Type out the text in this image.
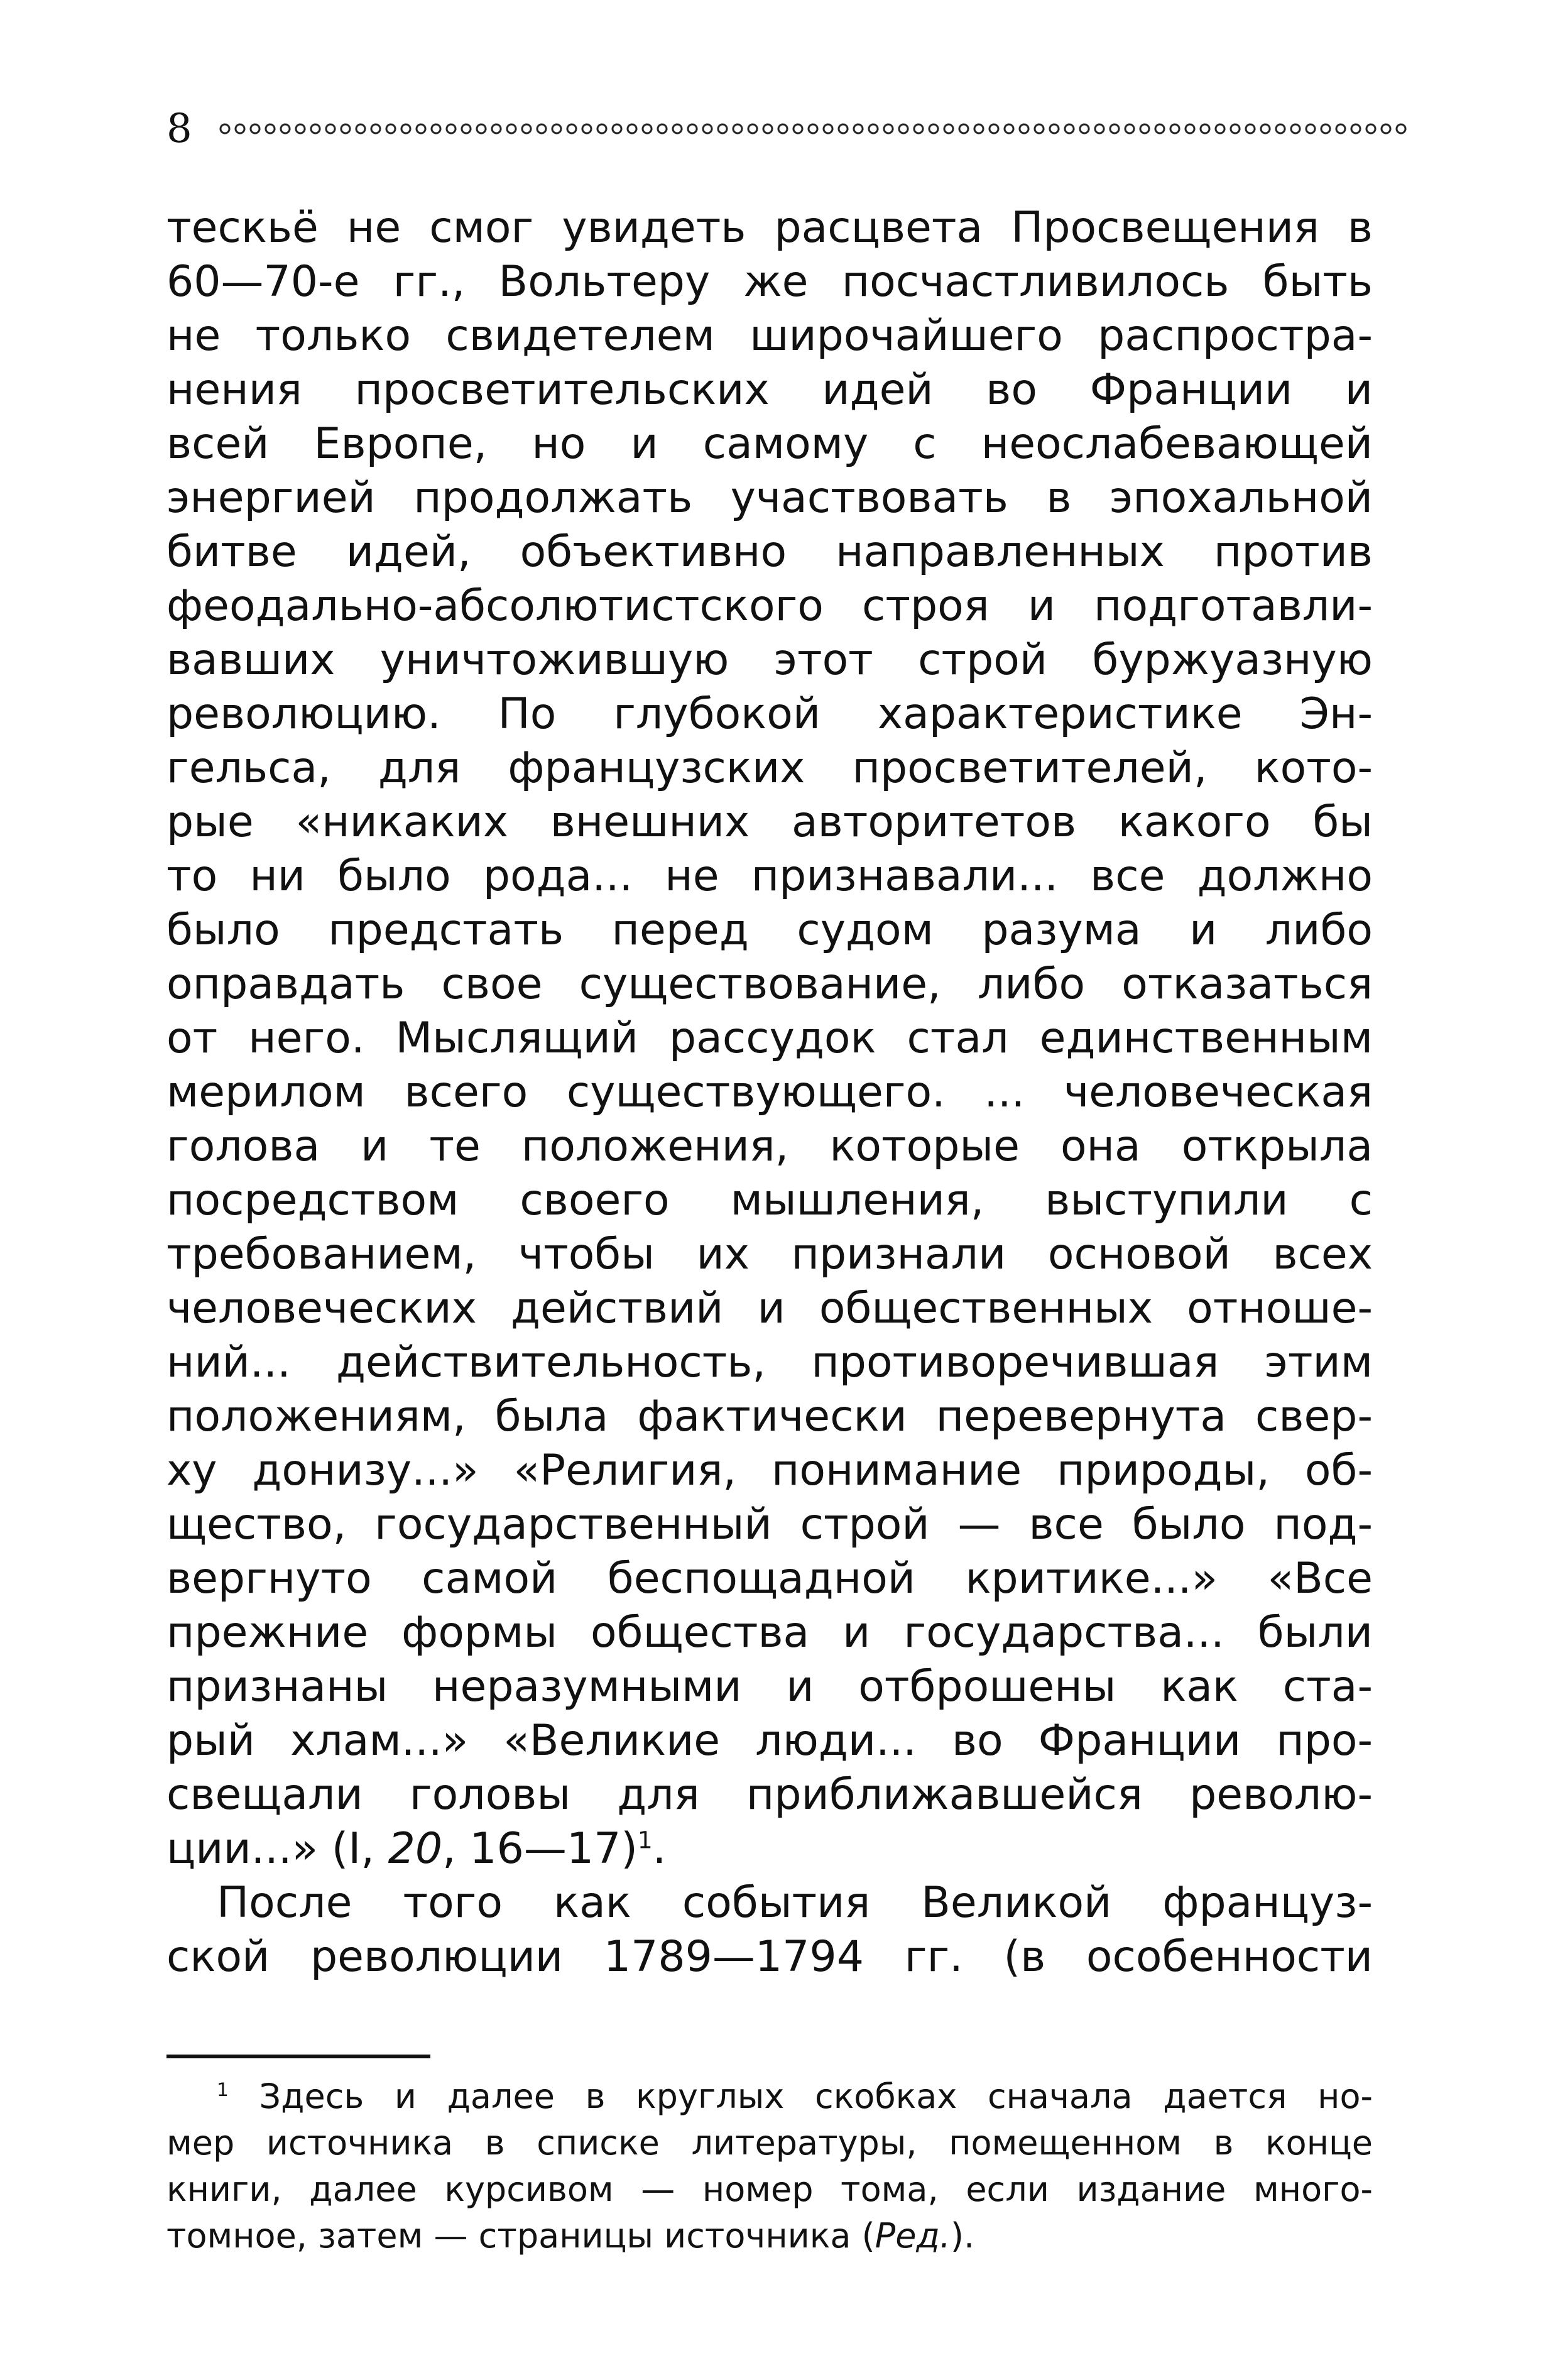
8
тескьё не смог увидеть расцвета Просвещения в
60—70-е гг., Вольтеру же посчастливилось быть
не только свидетелем широчайшего распростра-
нения просветительских идей во Франции и
всей Европе, но и самому с неослабевающей
энергией продолжать участвовать в эпохальной
битве идей, объективно направленных против
феодально-абсолютистского строя и подготавли-
вавших уничтожившую этот строй буржуазную
революцию. По глубокой характеристике Эн-
гельса, для французских просветителей, кото-
рые «никаких внешних авторитетов какого бы
то ни было рода... не признавали... все должно
было предстать перед судом разума и либо
оправдать свое существование, либо отказаться
от него. Мыслящий рассудок стал единственным
мерилом всего существующего. ... человеческая
голова и те положения, которые она открыла
посредством своего мышления, выступили с
требованием, чтобы их признали основой всех
человеческих действий и общественных отноше-
ний... действительность, противоречившая этим
положениям, была фактически перевернута свер-
ху донизу...» «Религия, понимание природы, об-
щество, государственный строй — все было под-
вергнуто самой беспощадной критике...» «Все
прежние формы общества и государства... были
признаны неразумными и отброшены как ста-
рый хлам...» «Великие люди... во Франции про-
свещали головы для приближавшейся револю-
ции...» (I, 20, 16—17)$^1$.
После того как события Великой француз-
ской революции 1789—1794 гг. (в особенности
$^1$ Здесь и далее в круглых скобках сначала дается но-
мер источника в списке литературы, помещенном в конце
книги, далее курсивом — номер тома, если издание много-
томное, затем — страницы источника (Ред.).
